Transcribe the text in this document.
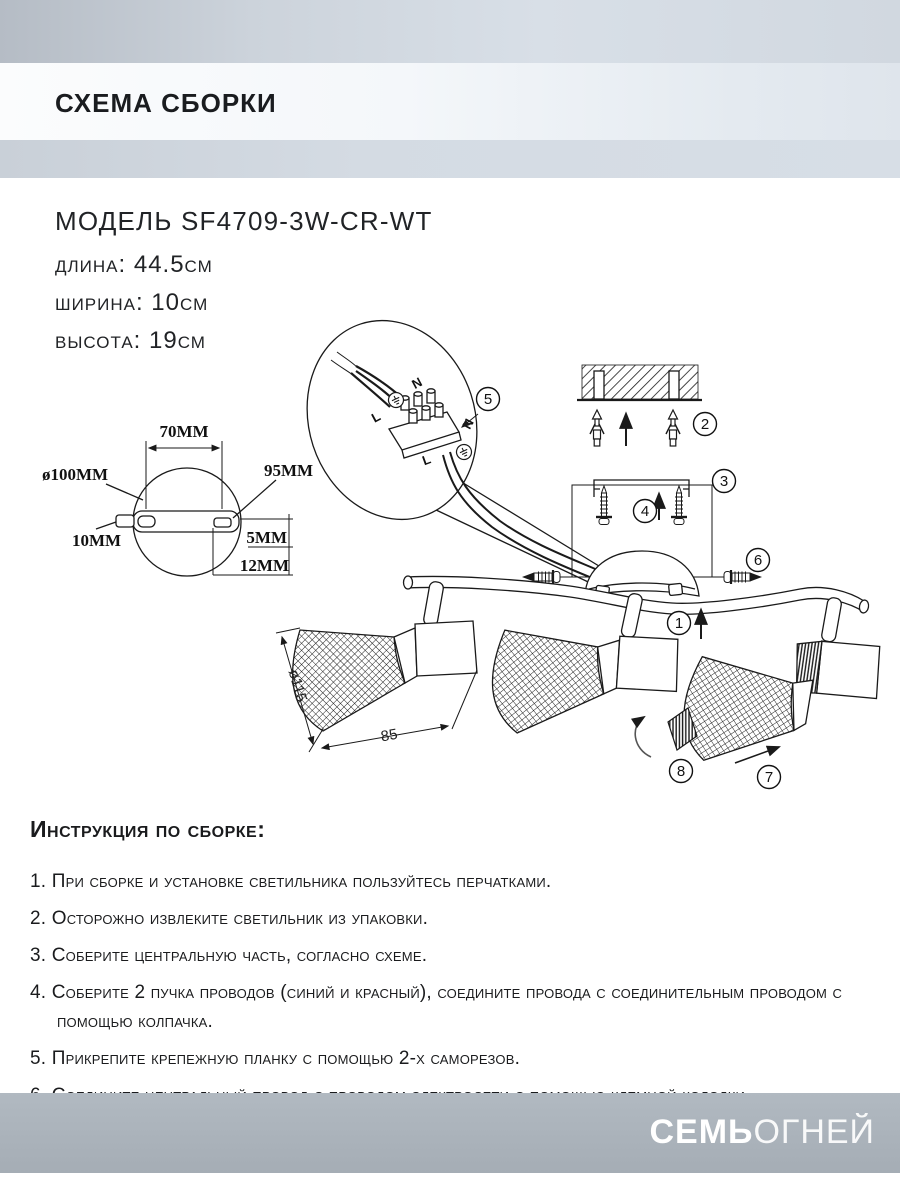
СХЕМА СБОРКИ
МОДЕЛЬ SF4709-3W-CR-WT
длина: 44.5см
ширина: 10см
высота: 19см
70MM
ø100MM	95MM
10MM	5MM
12MM
N
L	N
L
ø115
85
1
2
3
4
5
6
7
8
Инструкция по сборке:
1. При сборке и установке светильника пользуйтесь перчатками.
2. Осторожно извлеките светильник из упаковки.
3. Соберите центральную часть, согласно схеме.
4. Соберите 2 пучка проводов (синий и красный), соедините провода с соединительным проводом с помощью колпачка.
5. Прикрепите крепежную планку с помощью 2-х саморезов.
СЕМЬОГНЕЙ
